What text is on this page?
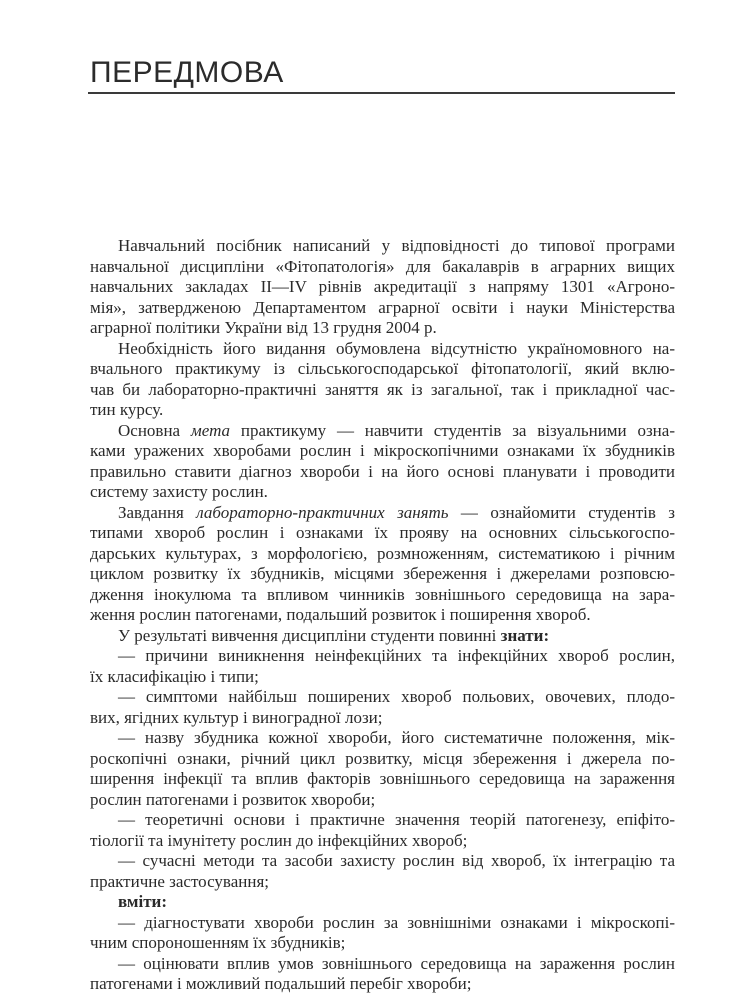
ПЕРЕДМОВА

Навчальний посібник написаний у відповідності до типової програми
навчальної дисципліни «Фітопатологія» для бакалаврів в аграрних вищих
навчальних закладах II—IV рівнів акредитації з напряму 1301 «Агроно-
мія», затвердженою Департаментом аграрної освіти і науки Міністерства
аграрної політики України від 13 грудня 2004 р.

Необхідність його видання обумовлена відсутністю україномовного на-
вчального практикуму із сільськогосподарської фітопатології, який вклю-
чав би лабораторно-практичні заняття як із загальної, так і прикладної час-
тин курсу.

Основна мета практикуму — навчити студентів за візуальними озна-
ками уражених хворобами рослин і мікроскопічними ознаками їх збудників
правильно ставити діагноз хвороби і на його основі планувати і проводити
систему захисту рослин.

Завдання лабораторно-практичних занять — ознайомити студентів з
типами хвороб рослин і ознаками їх прояву на основних сільськогоспо-
дарських культурах, з морфологією, розмноженням, систематикою і річним
циклом розвитку їх збудників, місцями збереження і джерелами розповсю-
дження інокулюма та впливом чинників зовнішнього середовища на зара-
ження рослин патогенами, подальший розвиток і поширення хвороб.

У результаті вивчення дисципліни студенти повинні знати:

— причини виникнення неінфекційних та інфекційних хвороб рослин,
їх класифікацію і типи;
— симптоми найбільш поширених хвороб польових, овочевих, плодо-
вих, ягідних культур і виноградної лози;
— назву збудника кожної хвороби, його систематичне положення, мік-
роскопічні ознаки, річний цикл розвитку, місця збереження і джерела по-
ширення інфекції та вплив факторів зовнішнього середовища на зараження
рослин патогенами і розвиток хвороби;
— теоретичні основи і практичне значення теорій патогенезу, епіфіто-
тіології та імунітету рослин до інфекційних хвороб;
— сучасні методи та засоби захисту рослин від хвороб, їх інтеграцію та
практичне застосування;
вміти:
— діагностувати хвороби рослин за зовнішніми ознаками і мікроскопі-
чним спороношенням їх збудників;
— оцінювати вплив умов зовнішнього середовища на зараження рослин
патогенами і можливий подальший перебіг хвороби;
